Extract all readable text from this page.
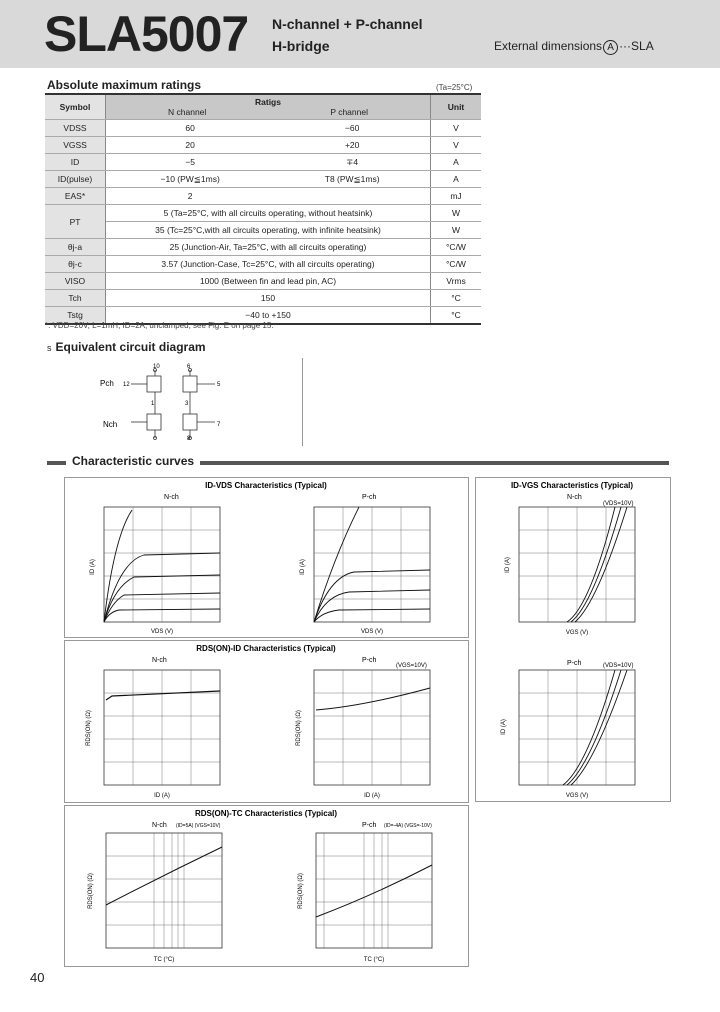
SLA5007 N-channel + P-channel
H-bridge	External dimensions A ···SLA
Absolute maximum ratings	(Ta=25°C)
Symbol	Ratigs
N channel P channel		Unit
VDSS	60	−60	V
VGSS	20	+20	V
ID	−5	∓4	A
ID(pulse)	−10 (PW≦1ms)	T8 (PW≦1ms)	A
EAS*	2		mJ
PT	5 (Ta=25°C, with all circuits operating, without heatsink)		W
	35 (Tc=25°C,with all circuits operating, with infinite heatsink)		W
θj-a	25 (Junction-Air, Ta=25°C, with all circuits operating)		°C/W
θj-c	3.57 (Junction-Case, Tc=25°C, with all circuits operating)		°C/W
VISO	1000 (Between fin and lead pin, AC)		Vrms
Tch	150		°C
Tstg	−40 to +150		°C
*: VDD=20V, L=1mH, ID=2A, unclamped, see Fig. E on page 15.
s Equivalent circuit diagram
Pch
Nch
12
10	6
5
1	3
7
8
Characteristic curves
ID-VDS Characteristics (Typical)
N-ch	P-ch
VDS (V)	VDS (V)
ID (A)	ID (A)
RDS(ON)-ID Characteristics (Typical)
N-ch	P-ch
(VGS=10V)
ID (A)	ID (A)
RDS(ON) (Ω)	RDS(ON) (Ω)
RDS(ON)-TC Characteristics (Typical)
N-ch (ID=5A) (VGS=10V)	P-ch (ID=-4A) (VGS=-10V)
TC (°C)	TC (°C)
RDS(ON) (Ω)	RDS(ON) (Ω)
ID-VGS Characteristics (Typical)
N-ch
(VDS=10V)
P-ch	(VDS=10V)
VGS (V)
VGS (V)
ID (A)
ID (A)
40
